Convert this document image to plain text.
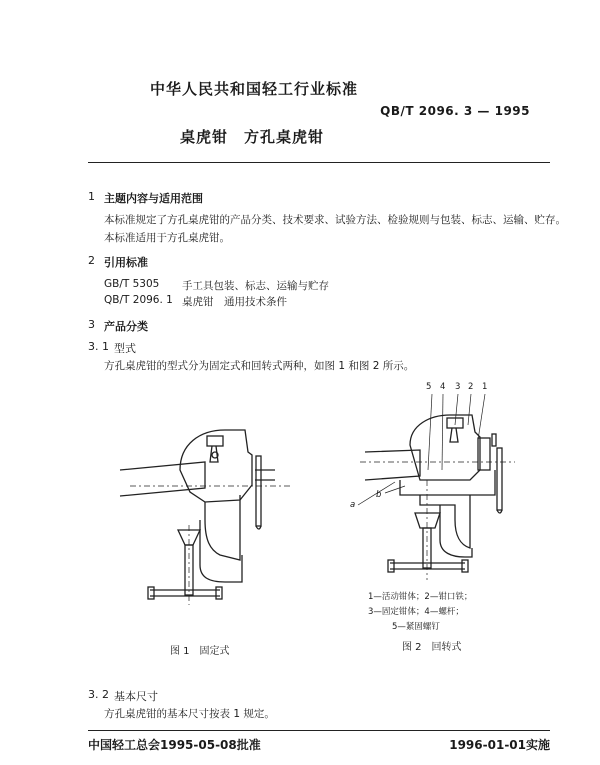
中华人民共和国轻工行业标准
QB/T 2096. 3 — 1995
桌虎钳　方孔桌虎钳
1 主题内容与适用范围
本标准规定了方孔桌虎钳的产品分类、技术要求、试验方法、检验规则与包装、标志、运输、贮存。
本标准适用于方孔桌虎钳。
2 引用标准
GB/T 5305 手工具包装、标志、运输与贮存
QB/T 2096. 1 桌虎钳　通用技术条件
3 产品分类
3. 1 型式
方孔桌虎钳的型式分为固定式和回转式两种，如图 1 和图 2 所示。
5 4 3 2 1
a
b
1—活动钳体；2—钳口铁；
3—固定钳体；4—螺杆；
5—紧固螺钉
图 1　固定式	图 2　回转式
3. 2 基本尺寸
方孔桌虎钳的基本尺寸按表 1 规定。
中国轻工总会1995-05-08批准	1996-01-01实施
